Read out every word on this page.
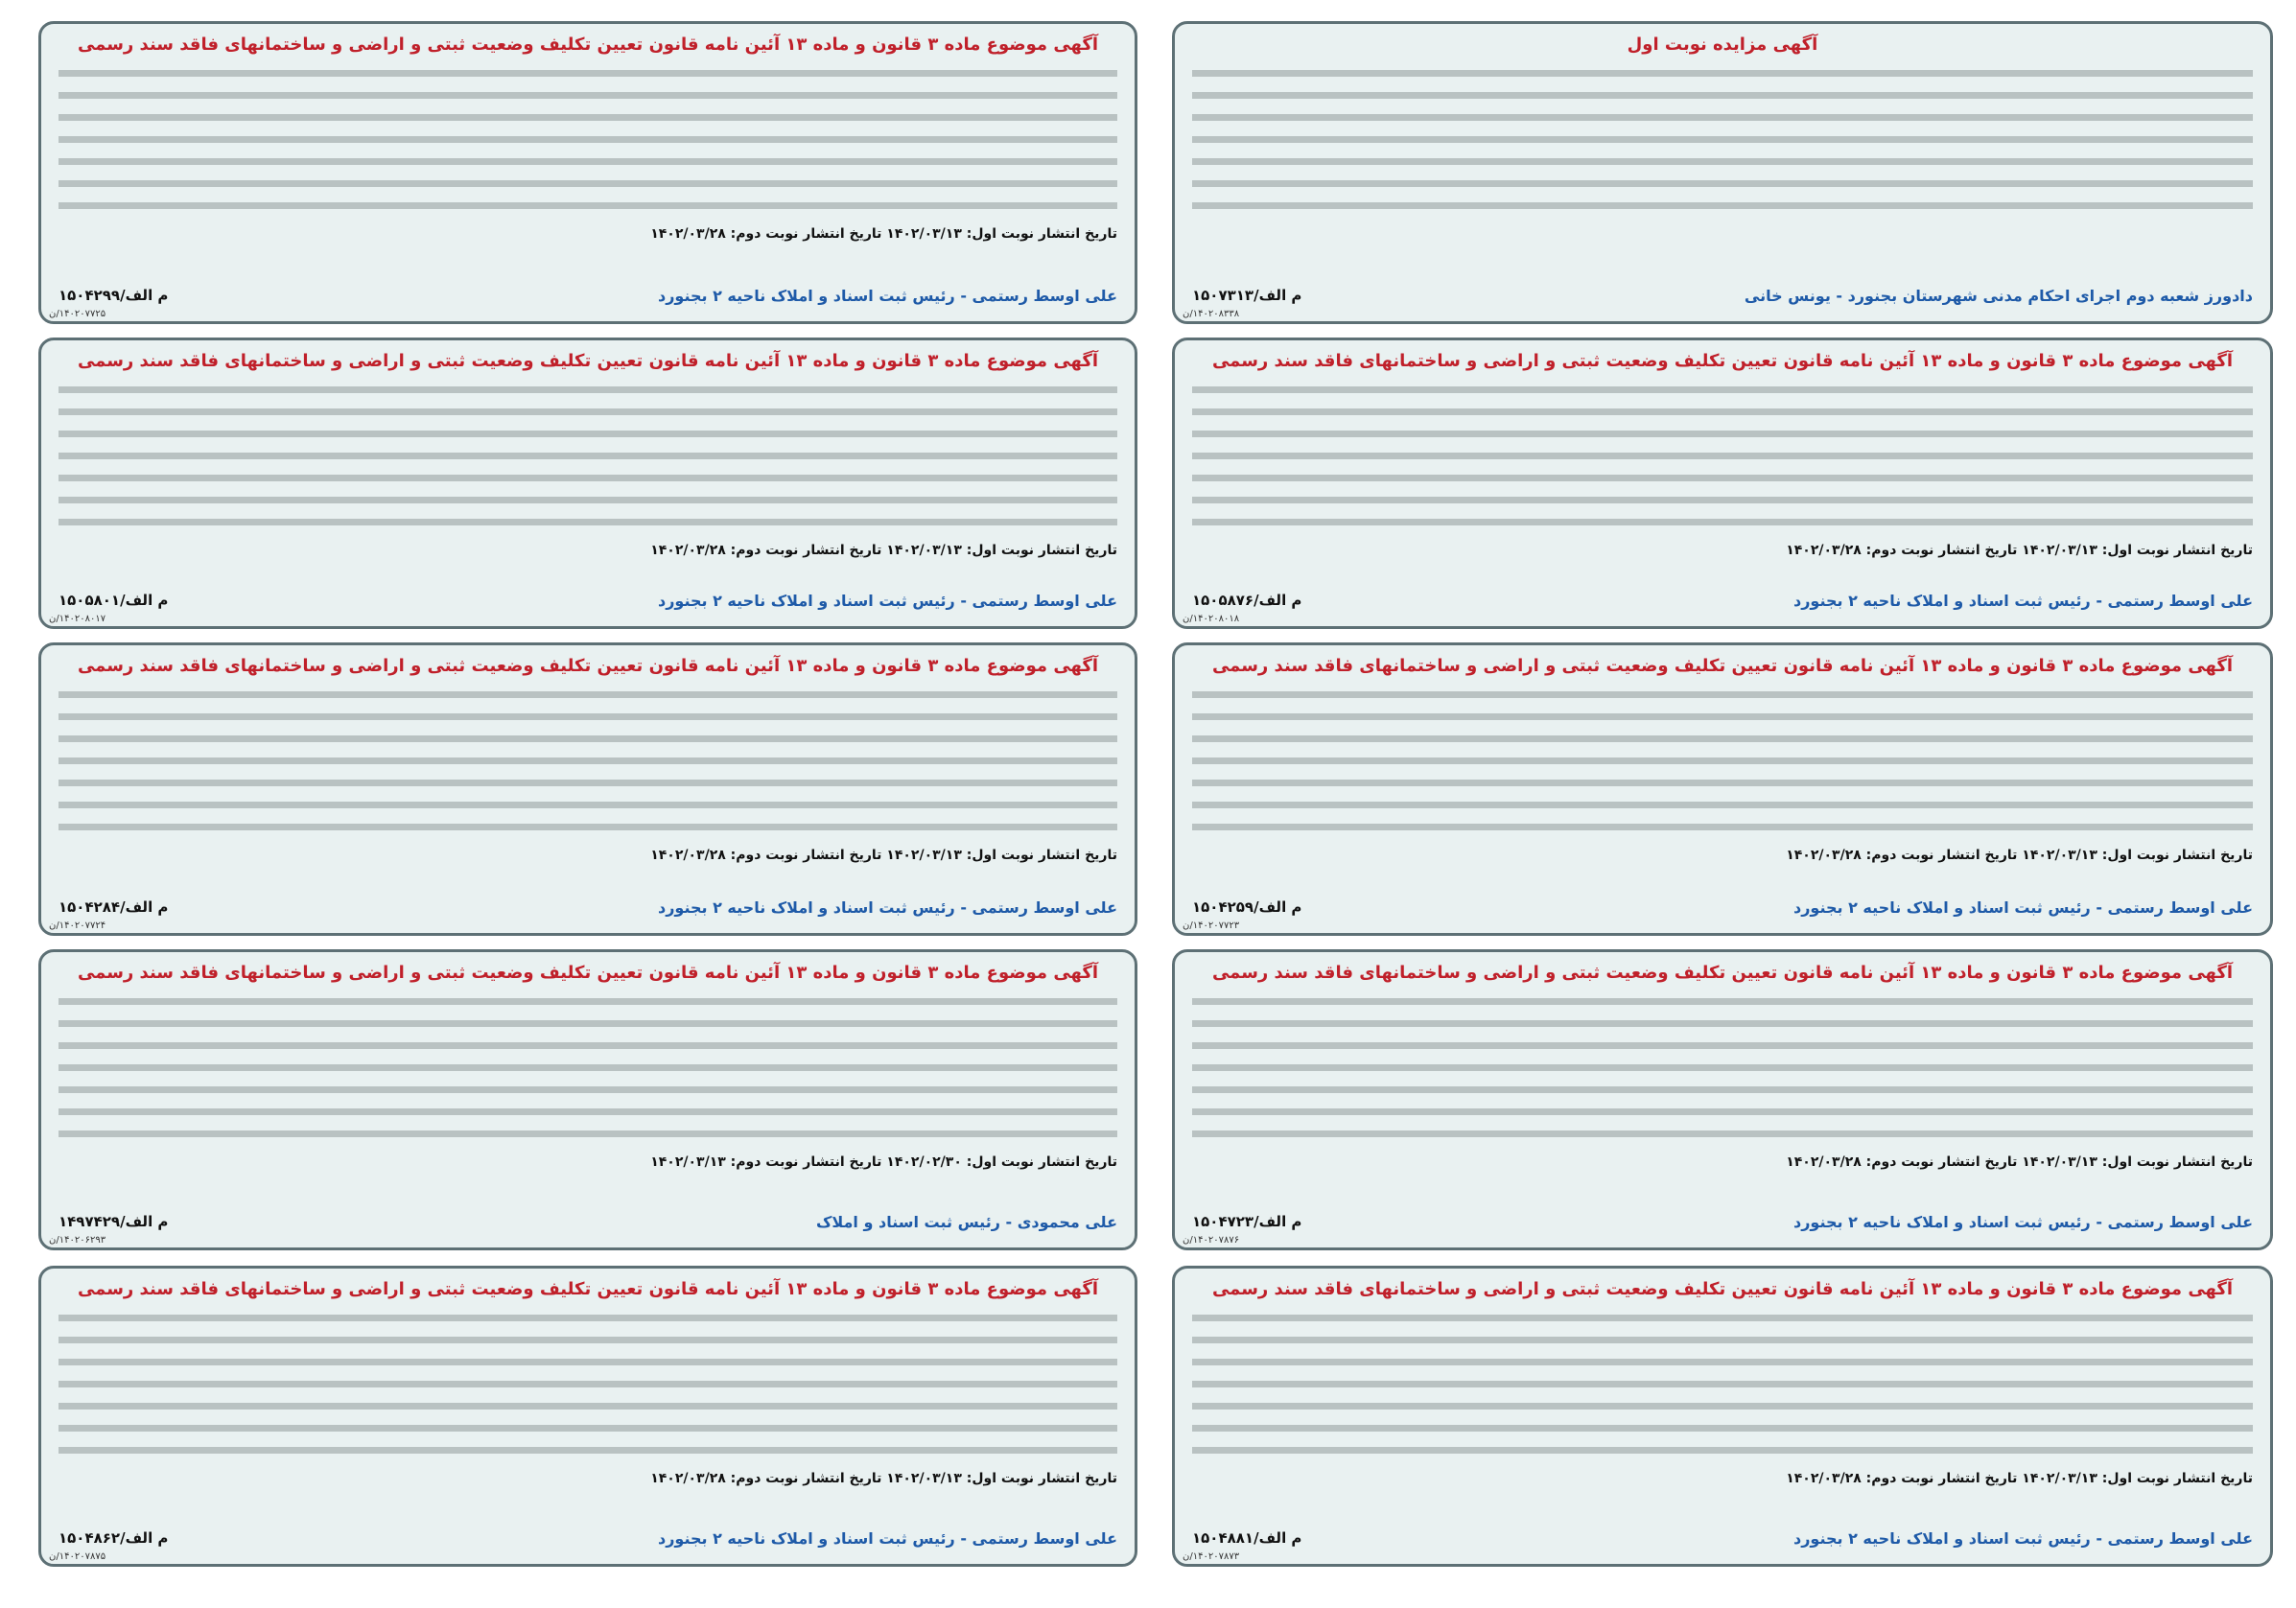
آگهی مزایده نوبت اول
دادورز شعبه دوم اجرای احکام مدنی شهرستان بجنورد - یونس خانی
م الف/۱۵۰۷۳۱۳
۱۴۰۲۰۸۳۳۸/ن
آگهی موضوع ماده ۳ قانون و ماده ۱۳ آئین نامه قانون تعیین تکلیف وضعیت ثبتی و اراضی و ساختمانهای فاقد سند رسمی
تاریخ انتشار نوبت اول: ۱۴۰۲/۰۳/۱۳ تاریخ انتشار نوبت دوم: ۱۴۰۲/۰۳/۲۸
علی اوسط رستمی - رئیس ثبت اسناد و املاک ناحیه ۲ بجنورد
م الف/۱۵۰۴۲۹۹
۱۴۰۲۰۷۷۲۵/ن
آگهی موضوع ماده ۳ قانون و ماده ۱۳ آئین نامه قانون تعیین تکلیف وضعیت ثبتی و اراضی و ساختمانهای فاقد سند رسمی
تاریخ انتشار نوبت اول: ۱۴۰۲/۰۳/۱۳ تاریخ انتشار نوبت دوم: ۱۴۰۲/۰۳/۲۸
علی اوسط رستمی - رئیس ثبت اسناد و املاک ناحیه ۲ بجنورد
م الف/۱۵۰۵۸۷۶
۱۴۰۲۰۸۰۱۸/ن
آگهی موضوع ماده ۳ قانون و ماده ۱۳ آئین نامه قانون تعیین تکلیف وضعیت ثبتی و اراضی و ساختمانهای فاقد سند رسمی
تاریخ انتشار نوبت اول: ۱۴۰۲/۰۳/۱۳ تاریخ انتشار نوبت دوم: ۱۴۰۲/۰۳/۲۸
علی اوسط رستمی - رئیس ثبت اسناد و املاک ناحیه ۲ بجنورد
م الف/۱۵۰۵۸۰۱
۱۴۰۲۰۸۰۱۷/ن
آگهی موضوع ماده ۳ قانون و ماده ۱۳ آئین نامه قانون تعیین تکلیف وضعیت ثبتی و اراضی و ساختمانهای فاقد سند رسمی
تاریخ انتشار نوبت اول: ۱۴۰۲/۰۳/۱۳ تاریخ انتشار نوبت دوم: ۱۴۰۲/۰۳/۲۸
علی اوسط رستمی - رئیس ثبت اسناد و املاک ناحیه ۲ بجنورد
م الف/۱۵۰۴۲۵۹
۱۴۰۲۰۷۷۲۳/ن
آگهی موضوع ماده ۳ قانون و ماده ۱۳ آئین نامه قانون تعیین تکلیف وضعیت ثبتی و اراضی و ساختمانهای فاقد سند رسمی
تاریخ انتشار نوبت اول: ۱۴۰۲/۰۳/۱۳ تاریخ انتشار نوبت دوم: ۱۴۰۲/۰۳/۲۸
علی اوسط رستمی - رئیس ثبت اسناد و املاک ناحیه ۲ بجنورد
م الف/۱۵۰۴۲۸۴
۱۴۰۲۰۷۷۲۴/ن
آگهی موضوع ماده ۳ قانون و ماده ۱۳ آئین نامه قانون تعیین تکلیف وضعیت ثبتی و اراضی و ساختمانهای فاقد سند رسمی
تاریخ انتشار نوبت اول: ۱۴۰۲/۰۳/۱۳ تاریخ انتشار نوبت دوم: ۱۴۰۲/۰۳/۲۸
علی اوسط رستمی - رئیس ثبت اسناد و املاک ناحیه ۲ بجنورد
م الف/۱۵۰۴۷۲۳
۱۴۰۲۰۷۸۷۶/ن
آگهی موضوع ماده ۳ قانون و ماده ۱۳ آئین نامه قانون تعیین تکلیف وضعیت ثبتی و اراضی و ساختمانهای فاقد سند رسمی
تاریخ انتشار نوبت اول: ۱۴۰۲/۰۲/۳۰ تاریخ انتشار نوبت دوم: ۱۴۰۲/۰۳/۱۳
علی محمودی - رئیس ثبت اسناد و املاک
م الف/۱۴۹۷۴۲۹
۱۴۰۲۰۶۲۹۳/ن
آگهی موضوع ماده ۳ قانون و ماده ۱۳ آئین نامه قانون تعیین تکلیف وضعیت ثبتی و اراضی و ساختمانهای فاقد سند رسمی
تاریخ انتشار نوبت اول: ۱۴۰۲/۰۳/۱۳ تاریخ انتشار نوبت دوم: ۱۴۰۲/۰۳/۲۸
علی اوسط رستمی - رئیس ثبت اسناد و املاک ناحیه ۲ بجنورد
م الف/۱۵۰۴۸۸۱
۱۴۰۲۰۷۸۷۳/ن
آگهی موضوع ماده ۳ قانون و ماده ۱۳ آئین نامه قانون تعیین تکلیف وضعیت ثبتی و اراضی و ساختمانهای فاقد سند رسمی
تاریخ انتشار نوبت اول: ۱۴۰۲/۰۳/۱۳ تاریخ انتشار نوبت دوم: ۱۴۰۲/۰۳/۲۸
علی اوسط رستمی - رئیس ثبت اسناد و املاک ناحیه ۲ بجنورد
م الف/۱۵۰۴۸۶۲
۱۴۰۲۰۷۸۷۵/ن
